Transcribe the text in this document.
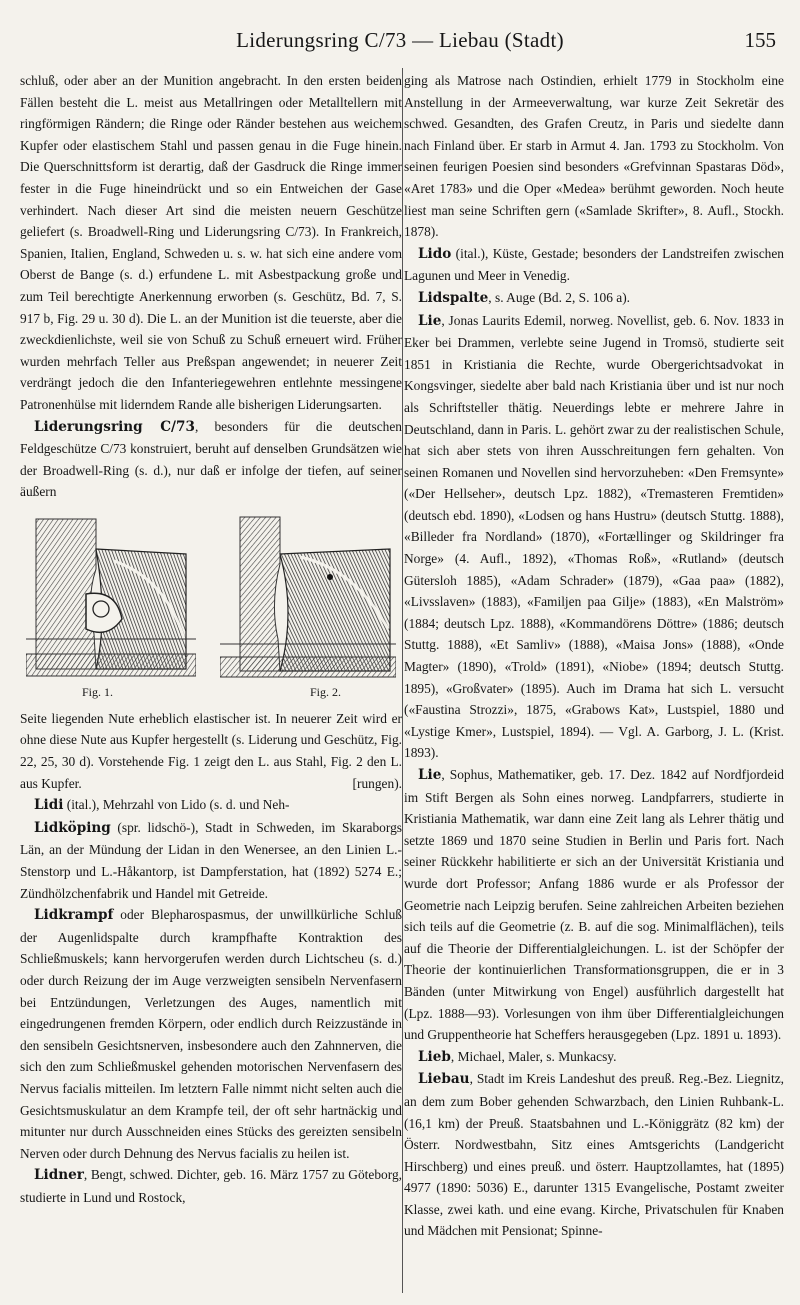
Liderungsring C/73 — Liebau (Stadt)	155

schluß, oder aber an der Munition angebracht. In den ersten beiden Fällen besteht die L. meist aus Metallringen oder Metalltellern mit ringförmigen Rändern; die Ringe oder Ränder bestehen aus weichem Kupfer oder elastischem Stahl und passen genau in die Fuge hinein. Die Querschnittsform ist derartig, daß der Gasdruck die Ringe immer fester in die Fuge hineindrückt und so ein Entweichen der Gase verhindert. Nach dieser Art sind die meisten neuern Geschütze geliefert (s. Broadwell-Ring und Liderungsring C/73). In Frankreich, Spanien, Italien, England, Schweden u. s. w. hat sich eine andere vom Oberst de Bange (s. d.) erfundene L. mit Asbestpackung große und zum Teil berechtigte Anerkennung erworben (s. Geschütz, Bd. 7, S. 917 b, Fig. 29 u. 30 d). Die L. an der Munition ist die teuerste, aber die zweckdienlichste, weil sie von Schuß zu Schuß erneuert wird. Früher wurden mehrfach Teller aus Preßspan angewendet; in neuerer Zeit verdrängt jedoch die den Infanteriegewehren entlehnte messingene Patronenhülse mit liderndem Rande alle bisherigen Liderungsarten.

Liderungsring C/73, besonders für die deutschen Feldgeschütze C/73 konstruiert, beruht auf denselben Grundsätzen wie der Broadwell-Ring (s. d.), nur daß er infolge der tiefen, auf seiner äußern

Fig. 1.	Fig. 2.

Seite liegenden Nute erheblich elastischer ist. In neuerer Zeit wird er ohne diese Nute aus Kupfer hergestellt (s. Liderung und Geschütz, Fig. 22, 25, 30 d). Vorstehende Fig. 1 zeigt den L. aus Stahl, Fig. 2 den L. aus Kupfer.	[rungen).

Lidi (ital.), Mehrzahl von Lido (s. d. und Neh-

Lidköping (spr. lidschö-), Stadt in Schweden, im Skaraborgs Län, an der Mündung der Lidan in den Wenersee, an den Linien L.-Stenstorp und L.-Håkantorp, ist Dampferstation, hat (1892) 5274 E.; Zündhölzchenfabrik und Handel mit Getreide.

Lidkrampf oder Blepharospasmus, der unwillkürliche Schluß der Augenlidspalte durch krampfhafte Kontraktion des Schließmuskels; kann hervorgerufen werden durch Lichtscheu (s. d.) oder durch Reizung der im Auge verzweigten sensibeln Nervenfasern bei Entzündungen, Verletzungen des Auges, namentlich mit eingedrungenen fremden Körpern, oder endlich durch Reizzustände in den sensibeln Gesichtsnerven, insbesondere auch den Zahnnerven, die sich den zum Schließmuskel gehenden motorischen Nervenfasern des Nervus facialis mitteilen. Im letztern Falle nimmt nicht selten auch die Gesichtsmuskulatur an dem Krampfe teil, der oft sehr hartnäckig und mitunter nur durch Ausschneiden eines Stücks des gereizten sensibeln Nerven oder durch Dehnung des Nervus facialis zu heilen ist.

Lidner, Bengt, schwed. Dichter, geb. 16. März 1757 zu Göteborg, studierte in Lund und Rostock,

ging als Matrose nach Ostindien, erhielt 1779 in Stockholm eine Anstellung in der Armeeverwaltung, war kurze Zeit Sekretär des schwed. Gesandten, des Grafen Creutz, in Paris und siedelte dann nach Finland über. Er starb in Armut 4. Jan. 1793 zu Stockholm. Von seinen feurigen Poesien sind besonders «Grefvinnan Spastaras Död», «Aret 1783» und die Oper «Medea» berühmt geworden. Noch heute liest man seine Schriften gern («Samlade Skrifter», 8. Aufl., Stockh. 1878).

Lido (ital.), Küste, Gestade; besonders der Landstreifen zwischen Lagunen und Meer in Venedig.

Lidspalte, s. Auge (Bd. 2, S. 106 a).

Lie, Jonas Laurits Edemil, norweg. Novellist, geb. 6. Nov. 1833 in Eker bei Drammen, verlebte seine Jugend in Tromsö, studierte seit 1851 in Kristiania die Rechte, wurde Obergerichtsadvokat in Kongsvinger, siedelte aber bald nach Kristiania über und ist nur noch als Schriftsteller thätig. Neuerdings lebte er mehrere Jahre in Deutschland, dann in Paris. L. gehört zwar zu der realistischen Schule, hat sich aber stets von ihren Ausschreitungen fern gehalten. Von seinen Romanen und Novellen sind hervorzuheben: «Den Fremsynte» («Der Hellseher», deutsch Lpz. 1882), «Tremasteren Fremtiden» (deutsch ebd. 1890), «Lodsen og hans Hustru» (deutsch Stuttg. 1888), «Billeder fra Nordland» (1870), «Fortællinger og Skildringer fra Norge» (4. Aufl., 1892), «Thomas Roß», «Rutland» (deutsch Gütersloh 1885), «Adam Schrader» (1879), «Gaa paa» (1882), «Livsslaven» (1883), «Familjen paa Gilje» (1883), «En Malström» (1884; deutsch Lpz. 1888), «Kommandörens Döttre» (1886; deutsch Stuttg. 1888), «Et Samliv» (1888), «Maisa Jons» (1888), «Onde Magter» (1890), «Trold» (1891), «Niobe» (1894; deutsch Stuttg. 1895), «Großvater» (1895). Auch im Drama hat sich L. versucht («Faustina Strozzi», 1875, «Grabows Kat», Lustspiel, 1880 und «Lystige Kmer», Lustspiel, 1894). — Vgl. A. Garborg, J. L. (Krist. 1893).

Lie, Sophus, Mathematiker, geb. 17. Dez. 1842 auf Nordfjordeid im Stift Bergen als Sohn eines norweg. Landpfarrers, studierte in Kristiania Mathematik, war dann eine Zeit lang als Lehrer thätig und setzte 1869 und 1870 seine Studien in Berlin und Paris fort. Nach seiner Rückkehr habilitierte er sich an der Universität Kristiania und wurde dort Professor; Anfang 1886 wurde er als Professor der Geometrie nach Leipzig berufen. Seine zahlreichen Arbeiten beziehen sich teils auf die Geometrie (z. B. auf die sog. Minimalflächen), teils auf die Theorie der Differentialgleichungen. L. ist der Schöpfer der Theorie der kontinuierlichen Transformationsgruppen, die er in 3 Bänden (unter Mitwirkung von Engel) ausführlich dargestellt hat (Lpz. 1888—93). Vorlesungen von ihm über Differentialgleichungen und Gruppentheorie hat Scheffers herausgegeben (Lpz. 1891 u. 1893).

Lieb, Michael, Maler, s. Munkacsy.

Liebau, Stadt im Kreis Landeshut des preuß. Reg.-Bez. Liegnitz, an dem zum Bober gehenden Schwarzbach, den Linien Ruhbank-L. (16,1 km) der Preuß. Staatsbahnen und L.-Königgrätz (82 km) der Österr. Nordwestbahn, Sitz eines Amtsgerichts (Landgericht Hirschberg) und eines preuß. und österr. Hauptzollamtes, hat (1895) 4977 (1890: 5036) E., darunter 1315 Evangelische, Postamt zweiter Klasse, zwei kath. und eine evang. Kirche, Privatschulen für Knaben und Mädchen mit Pensionat; Spinne-
